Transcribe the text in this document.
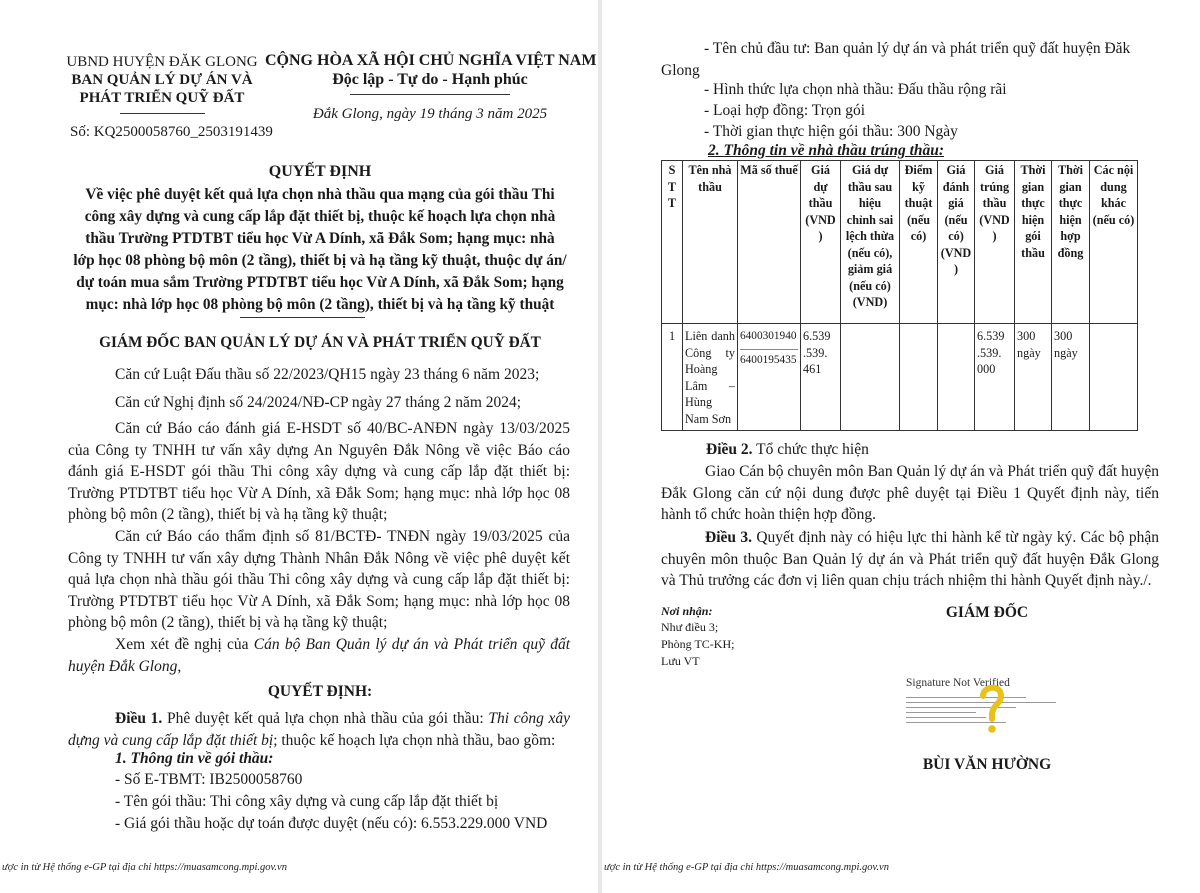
UBND HUYỆN ĐĂK GLONG
BAN QUẢN LÝ DỰ ÁN VÀ
PHÁT TRIỂN QUỸ ĐẤT
Số: KQ2500058760_2503191439
CỘNG HÒA XÃ HỘI CHỦ NGHĨA VIỆT NAM
Độc lập - Tự do - Hạnh phúc
Đắk Glong, ngày 19 tháng 3 năm 2025
QUYẾT ĐỊNH
Về việc phê duyệt kết quả lựa chọn nhà thầu qua mạng của gói thầu Thi
công xây dựng và cung cấp lắp đặt thiết bị, thuộc kế hoạch lựa chọn nhà
thầu Trường PTDTBT tiểu học Vừ A Dính, xã Đắk Som; hạng mục: nhà
lớp học 08 phòng bộ môn (2 tầng), thiết bị và hạ tầng kỹ thuật, thuộc dự án/
dự toán mua sắm Trường PTDTBT tiểu học Vừ A Dính, xã Đắk Som; hạng
mục: nhà lớp học 08 phòng bộ môn (2 tầng), thiết bị và hạ tầng kỹ thuật
GIÁM ĐỐC BAN QUẢN LÝ DỰ ÁN VÀ PHÁT TRIỂN QUỸ ĐẤT
Căn cứ Luật Đấu thầu số 22/2023/QH15 ngày 23 tháng 6 năm 2023;
Căn cứ Nghị định số 24/2024/NĐ-CP ngày 27 tháng 2 năm 2024;
Căn cứ Báo cáo đánh giá E-HSDT số 40/BC-ANĐN ngày 13/03/2025 của Công ty TNHH tư vấn xây dựng An Nguyên Đắk Nông về việc Báo cáo đánh giá E-HSDT gói thầu Thi công xây dựng và cung cấp lắp đặt thiết bị: Trường PTDTBT tiểu học Vừ A Dính, xã Đắk Som; hạng mục: nhà lớp học 08 phòng bộ môn (2 tầng), thiết bị và hạ tầng kỹ thuật;
Căn cứ Báo cáo thẩm định số 81/BCTĐ- TNĐN ngày 19/03/2025 của Công ty TNHH tư vấn xây dựng Thành Nhân Đắk Nông về việc phê duyệt kết quả lựa chọn nhà thầu gói thầu Thi công xây dựng và cung cấp lắp đặt thiết bị: Trường PTDTBT tiểu học Vừ A Dính, xã Đắk Som; hạng mục: nhà lớp học 08 phòng bộ môn (2 tầng), thiết bị và hạ tầng kỹ thuật;
Xem xét đề nghị của Cán bộ Ban Quản lý dự án và Phát triển quỹ đất huyện Đắk Glong,
QUYẾT ĐỊNH:
Điều 1. Phê duyệt kết quả lựa chọn nhà thầu của gói thầu: Thi công xây dựng và cung cấp lắp đặt thiết bị; thuộc kế hoạch lựa chọn nhà thầu, bao gồm:
1. Thông tin về gói thầu:
- Số E-TBMT: IB2500058760
- Tên gói thầu: Thi công xây dựng và cung cấp lắp đặt thiết bị
- Giá gói thầu hoặc dự toán được duyệt (nếu có): 6.553.229.000 VND
ược in từ Hệ thống e-GP tại địa chỉ https://muasamcong.mpi.gov.vn
- Tên chủ đầu tư: Ban quản lý dự án và phát triển quỹ đất huyện Đăk
Glong
- Hình thức lựa chọn nhà thầu: Đấu thầu rộng rãi
- Loại hợp đồng: Trọn gói
- Thời gian thực hiện gói thầu: 300 Ngày
2. Thông tin về nhà thầu trúng thầu:
S T T	Tên nhà thầu	Mã số thuế	Giá dự thầu (VND )	Giá dự thầu sau hiệu chỉnh sai lệch thừa (nếu có), giảm giá (nếu có) (VND)	Điểm kỹ thuật (nếu có)	Giá đánh giá (nếu có) (VND )	Giá trúng thầu (VND )	Thời gian thực hiện gói thầu	Thời gian thực hiện hợp đồng	Các nội dung khác (nếu có)
1	Liên danh Công ty Hoàng Lâm – Hùng Nam Sơn	6400301940
6400195435	6.539 .539. 461				6.539 .539. 000	300 ngày	300 ngày	
Điều 2. Tổ chức thực hiện
Giao Cán bộ chuyên môn Ban Quản lý dự án và Phát triển quỹ đất huyện Đắk Glong căn cứ nội dung được phê duyệt tại Điều 1 Quyết định này, tiến hành tổ chức hoàn thiện hợp đồng.
Điều 3. Quyết định này có hiệu lực thi hành kể từ ngày ký. Các bộ phận chuyên môn thuộc Ban Quản lý dự án và Phát triển quỹ đất huyện Đắk Glong và Thủ trưởng các đơn vị liên quan chịu trách nhiệm thi hành Quyết định này./.
Nơi nhận:
Như điều 3;
Phòng TC-KH;
Lưu VT
GIÁM ĐỐC
Signature Not Verified
BÙI VĂN HƯỜNG
ược in từ Hệ thống e-GP tại địa chỉ https://muasamcong.mpi.gov.vn
